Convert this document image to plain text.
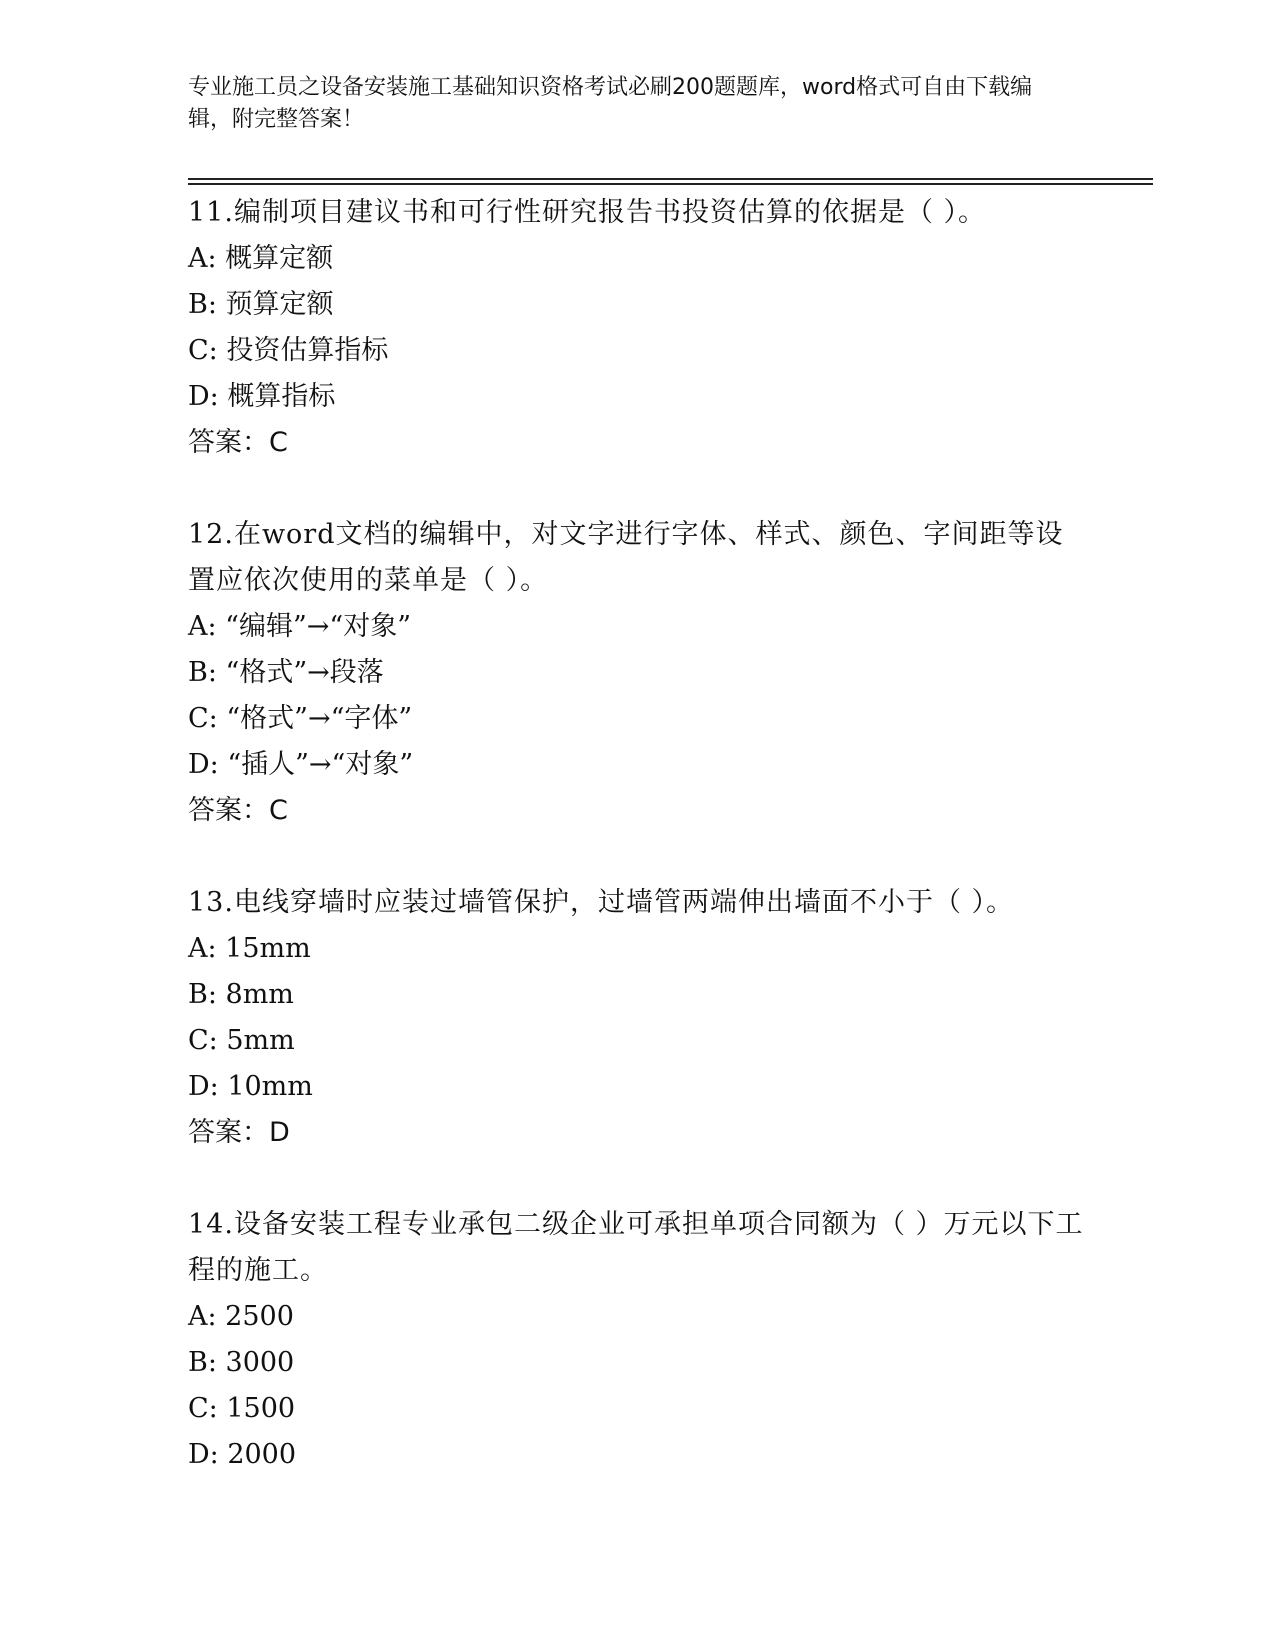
专业施工员之设备安装施工基础知识资格考试必刷200题题库，word格式可自由下载编辑，附完整答案！

11.编制项目建议书和可行性研究报告书投资估算的依据是（ ）。

A: 概算定额

B: 预算定额

C: 投资估算指标

D: 概算指标

答案：C

12.在word文档的编辑中，对文字进行字体、样式、颜色、字间距等设置应依次使用的菜单是（ ）。

A: “编辑”→“对象”

B: “格式”→段落

C: “格式”→“字体”

D: “插人”→“对象”

答案：C

13.电线穿墙时应装过墙管保护，过墙管两端伸出墙面不小于（ ）。

A: 15mm

B: 8mm

C: 5mm

D: 10mm

答案：D

14.设备安装工程专业承包二级企业可承担单项合同额为（ ）万元以下工程的施工。

A: 2500

B: 3000

C: 1500

D: 2000
